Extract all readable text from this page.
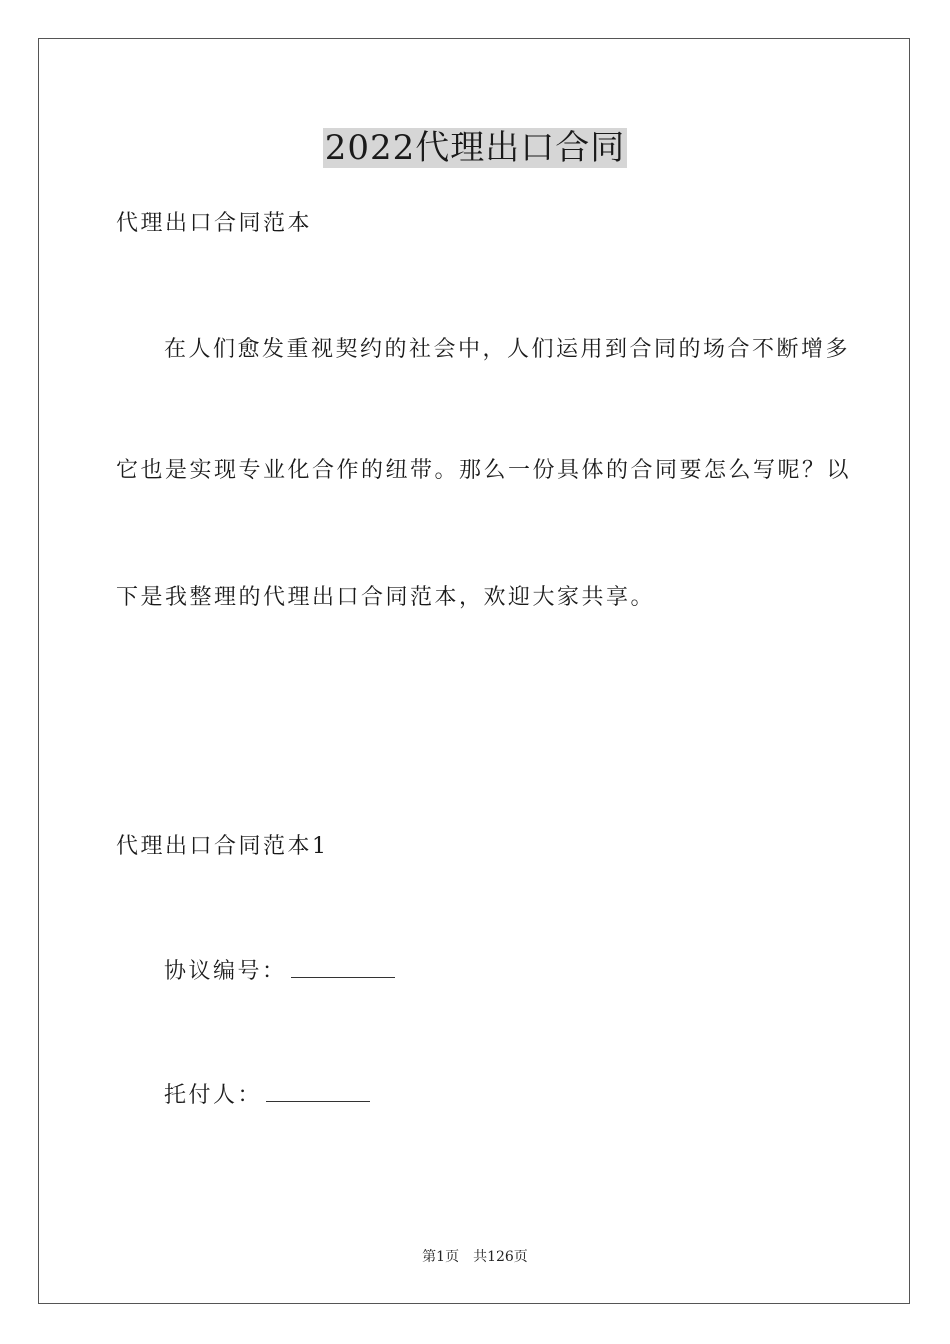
2022代理出口合同
代理出口合同范本
在人们愈发重视契约的社会中，人们运用到合同的场合不断增多
它也是实现专业化合作的纽带。那么一份具体的合同要怎么写呢？以
下是我整理的代理出口合同范本，欢迎大家共享。
代理出口合同范本1
协议编号：
托付人：
第1页　共126页
